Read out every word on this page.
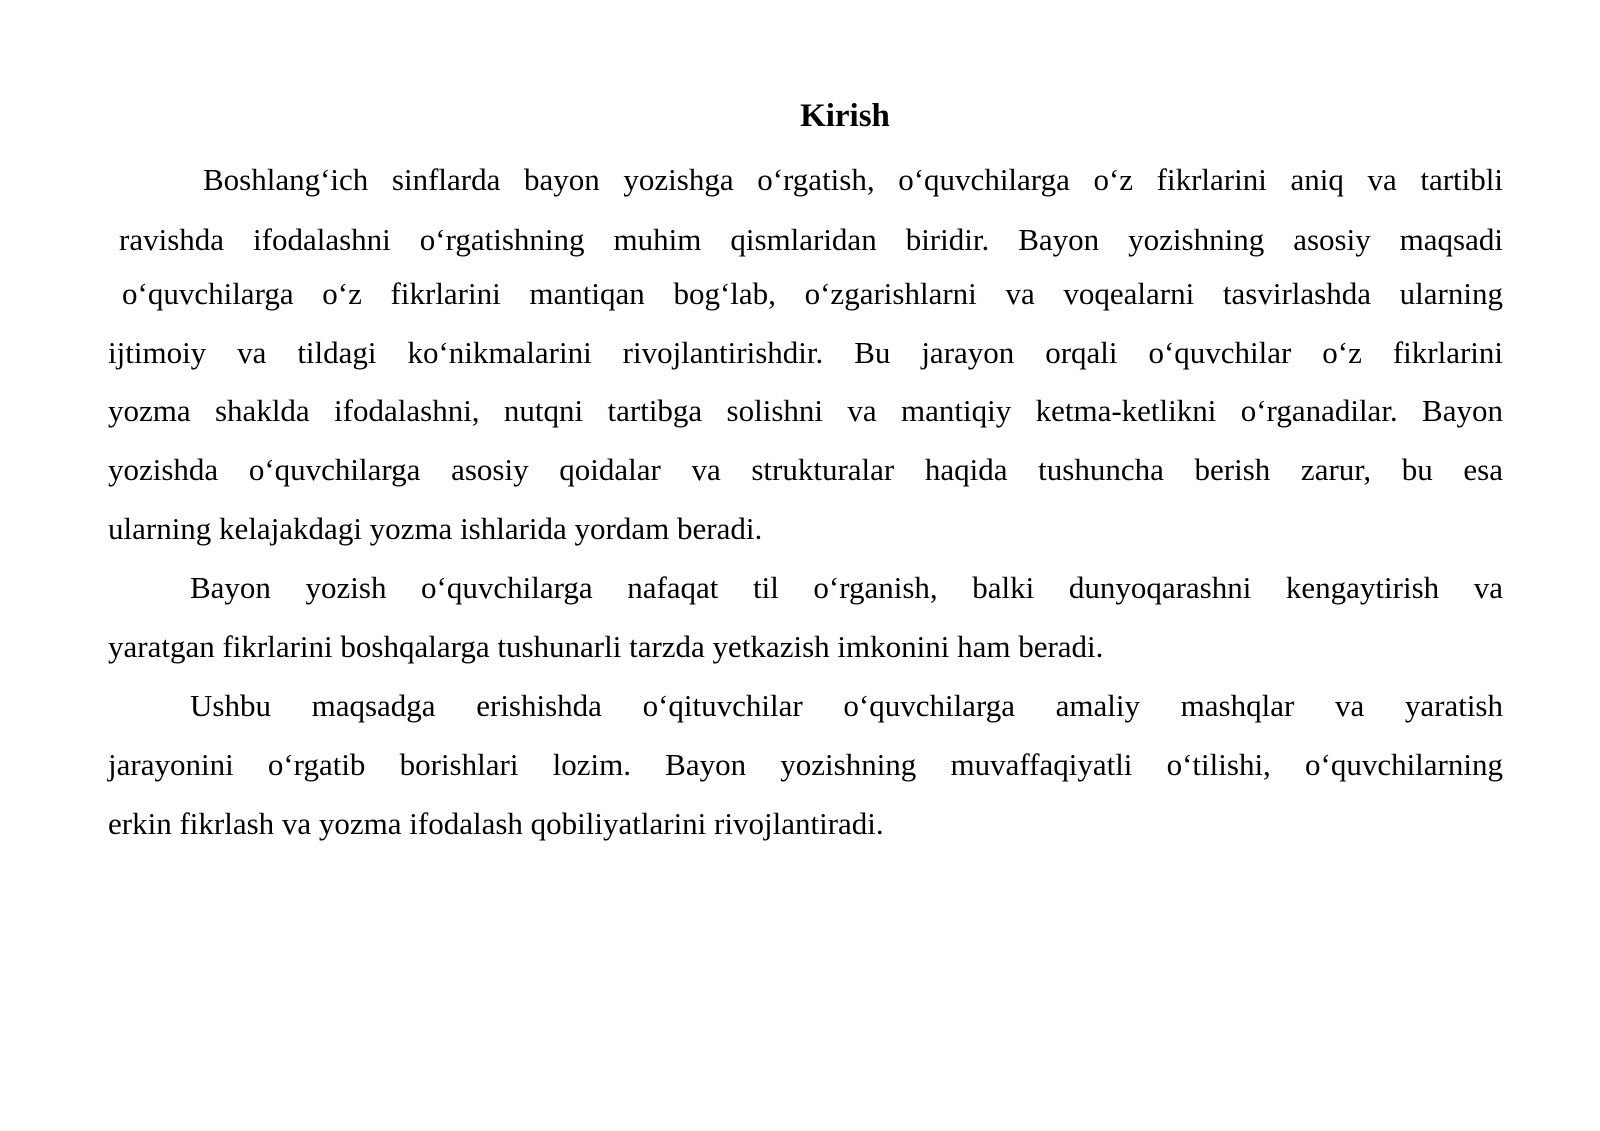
Kirish

Boshlang‘ich sinflarda bayon yozishga o‘rgatish, o‘quvchilarga o‘z fikrlarini aniq va tartibli

ravishda ifodalashni o‘rgatishning muhim qismlaridan biridir. Bayon yozishning asosiy maqsadi

o‘quvchilarga o‘z fikrlarini mantiqan bog‘lab, o‘zgarishlarni va voqealarni tasvirlashda ularning

ijtimoiy va tildagi ko‘nikmalarini rivojlantirishdir. Bu jarayon orqali o‘quvchilar o‘z fikrlarini

yozma shaklda ifodalashni, nutqni tartibga solishni va mantiqiy ketma-ketlikni o‘rganadilar. Bayon

yozishda o‘quvchilarga asosiy qoidalar va strukturalar haqida tushuncha berish zarur, bu esa

ularning kelajakdagi yozma ishlarida yordam beradi.

Bayon yozish o‘quvchilarga nafaqat til o‘rganish, balki dunyoqarashni kengaytirish va

yaratgan fikrlarini boshqalarga tushunarli tarzda yetkazish imkonini ham beradi.

Ushbu maqsadga erishishda o‘qituvchilar o‘quvchilarga amaliy mashqlar va yaratish

jarayonini o‘rgatib borishlari lozim. Bayon yozishning muvaffaqiyatli o‘tilishi, o‘quvchilarning

erkin fikrlash va yozma ifodalash qobiliyatlarini rivojlantiradi.
